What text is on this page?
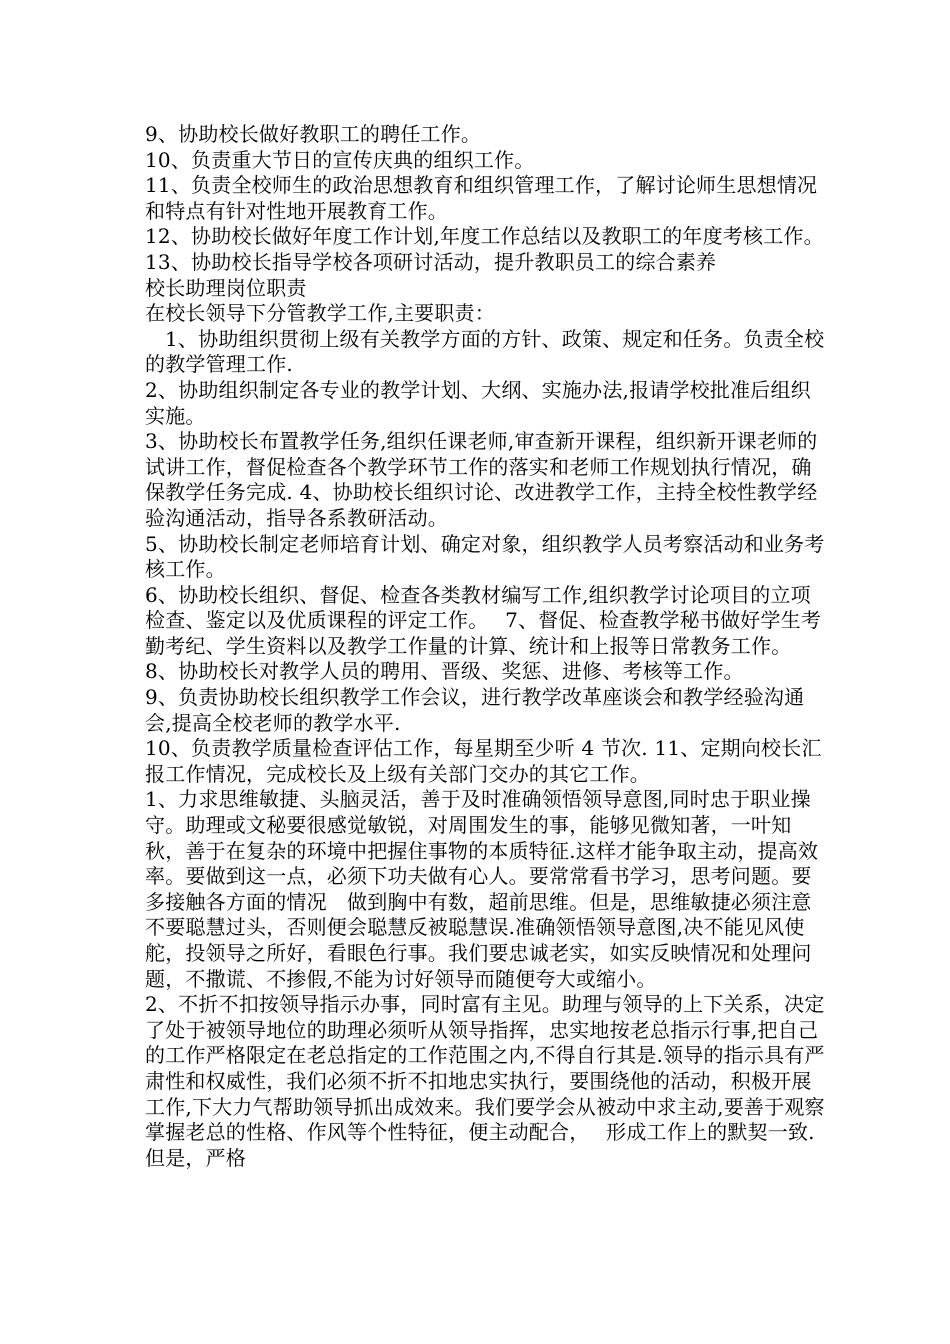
9、协助校长做好教职工的聘任工作。

10、负责重大节日的宣传庆典的组织工作。

11、负责全校师生的政治思想教育和组织管理工作，了解讨论师生思想情况和特点有针对性地开展教育工作。

12、协助校长做好年度工作计划,年度工作总结以及教职工的年度考核工作。

13、协助校长指导学校各项研讨活动，提升教职员工的综合素养

校长助理岗位职责

在校长领导下分管教学工作,主要职责：

1、协助组织贯彻上级有关教学方面的方针、政策、规定和任务。负责全校的教学管理工作.

2、协助组织制定各专业的教学计划、大纲、实施办法,报请学校批准后组织实施。

3、协助校长布置教学任务,组织任课老师,审查新开课程，组织新开课老师的试讲工作，督促检查各个教学环节工作的落实和老师工作规划执行情况，确保教学任务完成. 4、协助校长组织讨论、改进教学工作，主持全校性教学经验沟通活动，指导各系教研活动。

5、协助校长制定老师培育计划、确定对象，组织教学人员考察活动和业务考核工作。

6、协助校长组织、督促、检查各类教材编写工作,组织教学讨论项目的立项检查、鉴定以及优质课程的评定工作。　 7、督促、检查教学秘书做好学生考勤考纪、学生资料以及教学工作量的计算、统计和上报等日常教务工作。

8、协助校长对教学人员的聘用、晋级、奖惩、进修、考核等工作。

9、负责协助校长组织教学工作会议，进行教学改革座谈会和教学经验沟通会,提高全校老师的教学水平.

10、负责教学质量检查评估工作，每星期至少听 4 节次. 11、定期向校长汇报工作情况，完成校长及上级有关部门交办的其它工作。

1、力求思维敏捷、头脑灵活，善于及时准确领悟领导意图,同时忠于职业操守。助理或文秘要很感觉敏锐，对周围发生的事，能够见微知著，一叶知秋，善于在复杂的环境中把握住事物的本质特征.这样才能争取主动，提高效率。要做到这一点，必须下功夫做有心人。要常常看书学习，思考问题。要多接触各方面的情况　做到胸中有数，超前思维。但是，思维敏捷必须注意不要聪慧过头，否则便会聪慧反被聪慧误.准确领悟领导意图,决不能见风使舵，投领导之所好，看眼色行事。我们要忠诚老实，如实反映情况和处理问题，不撒谎、不掺假,不能为讨好领导而随便夸大或缩小。

2、不折不扣按领导指示办事，同时富有主见。助理与领导的上下关系，决定了处于被领导地位的助理必须听从领导指挥，忠实地按老总指示行事,把自己的工作严格限定在老总指定的工作范围之内,不得自行其是.领导的指示具有严肃性和权威性，我们必须不折不扣地忠实执行，要围绕他的活动，积极开展工作,下大力气帮助领导抓出成效来。我们要学会从被动中求主动,要善于观察掌握老总的性格、作风等个性特征，便主动配合，　 形成工作上的默契一致.但是，严格
